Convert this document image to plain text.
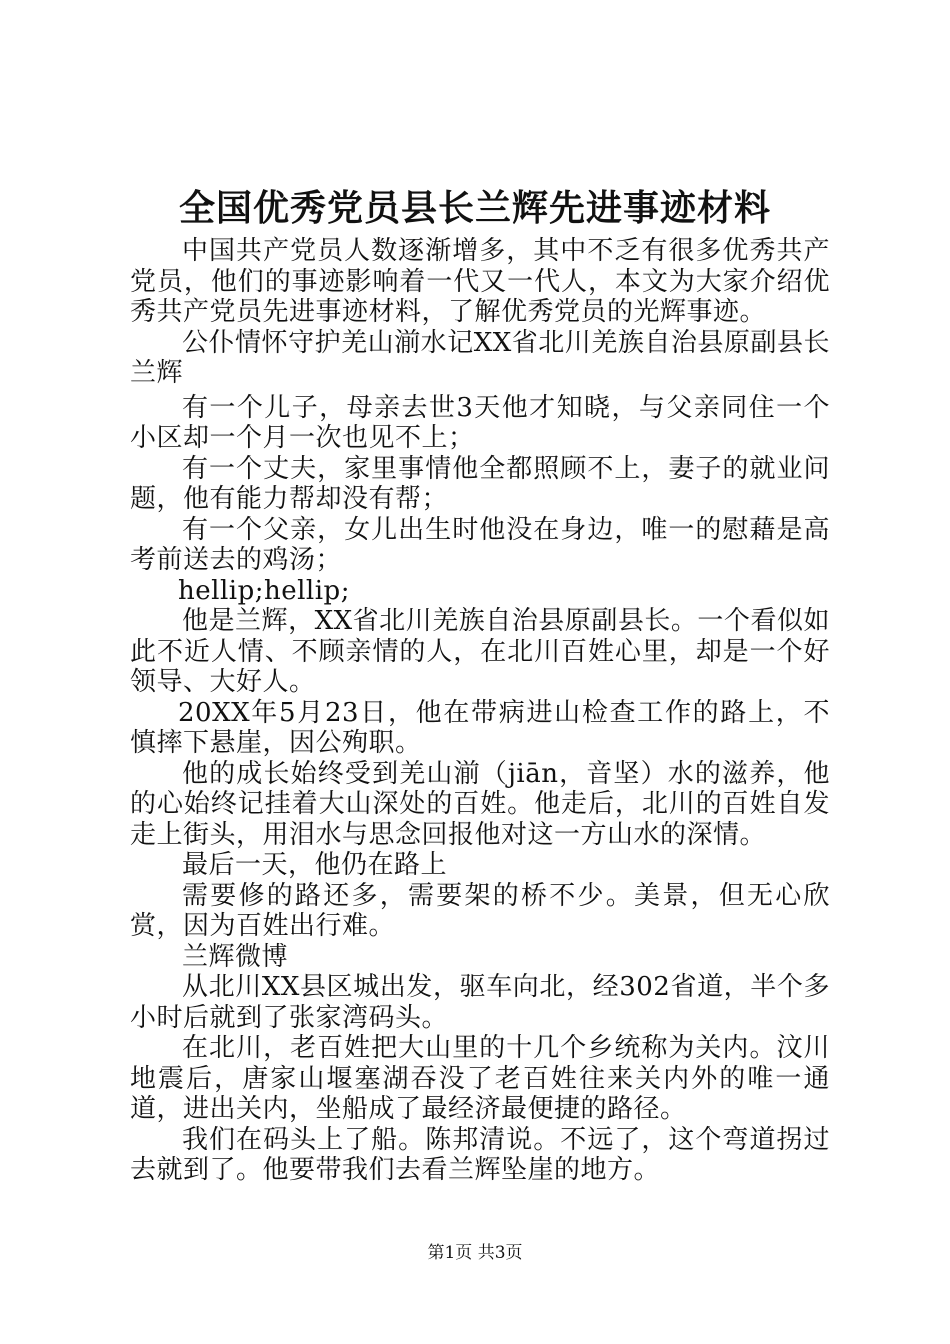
全国优秀党员县长兰辉先进事迹材料

中国共产党员人数逐渐增多，其中不乏有很多优秀共产党员，他们的事迹影响着一代又一代人，本文为大家介绍优秀共产党员先进事迹材料，了解优秀党员的光辉事迹。

公仆情怀守护羌山湔水记XX省北川羌族自治县原副县长兰辉

有一个儿子，母亲去世3天他才知晓，与父亲同住一个小区却一个月一次也见不上；

有一个丈夫，家里事情他全都照顾不上，妻子的就业问题，他有能力帮却没有帮；

有一个父亲，女儿出生时他没在身边，唯一的慰藉是高考前送去的鸡汤；

hellip;hellip;

他是兰辉，XX省北川羌族自治县原副县长。一个看似如此不近人情、不顾亲情的人，在北川百姓心里，却是一个好领导、大好人。

20XX年5月23日，他在带病进山检查工作的路上，不慎摔下悬崖，因公殉职。

他的成长始终受到羌山湔（jiān，音坚）水的滋养，他的心始终记挂着大山深处的百姓。他走后，北川的百姓自发走上街头，用泪水与思念回报他对这一方山水的深情。

最后一天，他仍在路上

需要修的路还多，需要架的桥不少。美景，但无心欣赏，因为百姓出行难。

兰辉微博

从北川XX县区城出发，驱车向北，经302省道，半个多小时后就到了张家湾码头。

在北川，老百姓把大山里的十几个乡统称为关内。汶川地震后，唐家山堰塞湖吞没了老百姓往来关内外的唯一通道，进出关内，坐船成了最经济最便捷的路径。

我们在码头上了船。陈邦清说。不远了，这个弯道拐过去就到了。他要带我们去看兰辉坠崖的地方。

第1页 共3页
